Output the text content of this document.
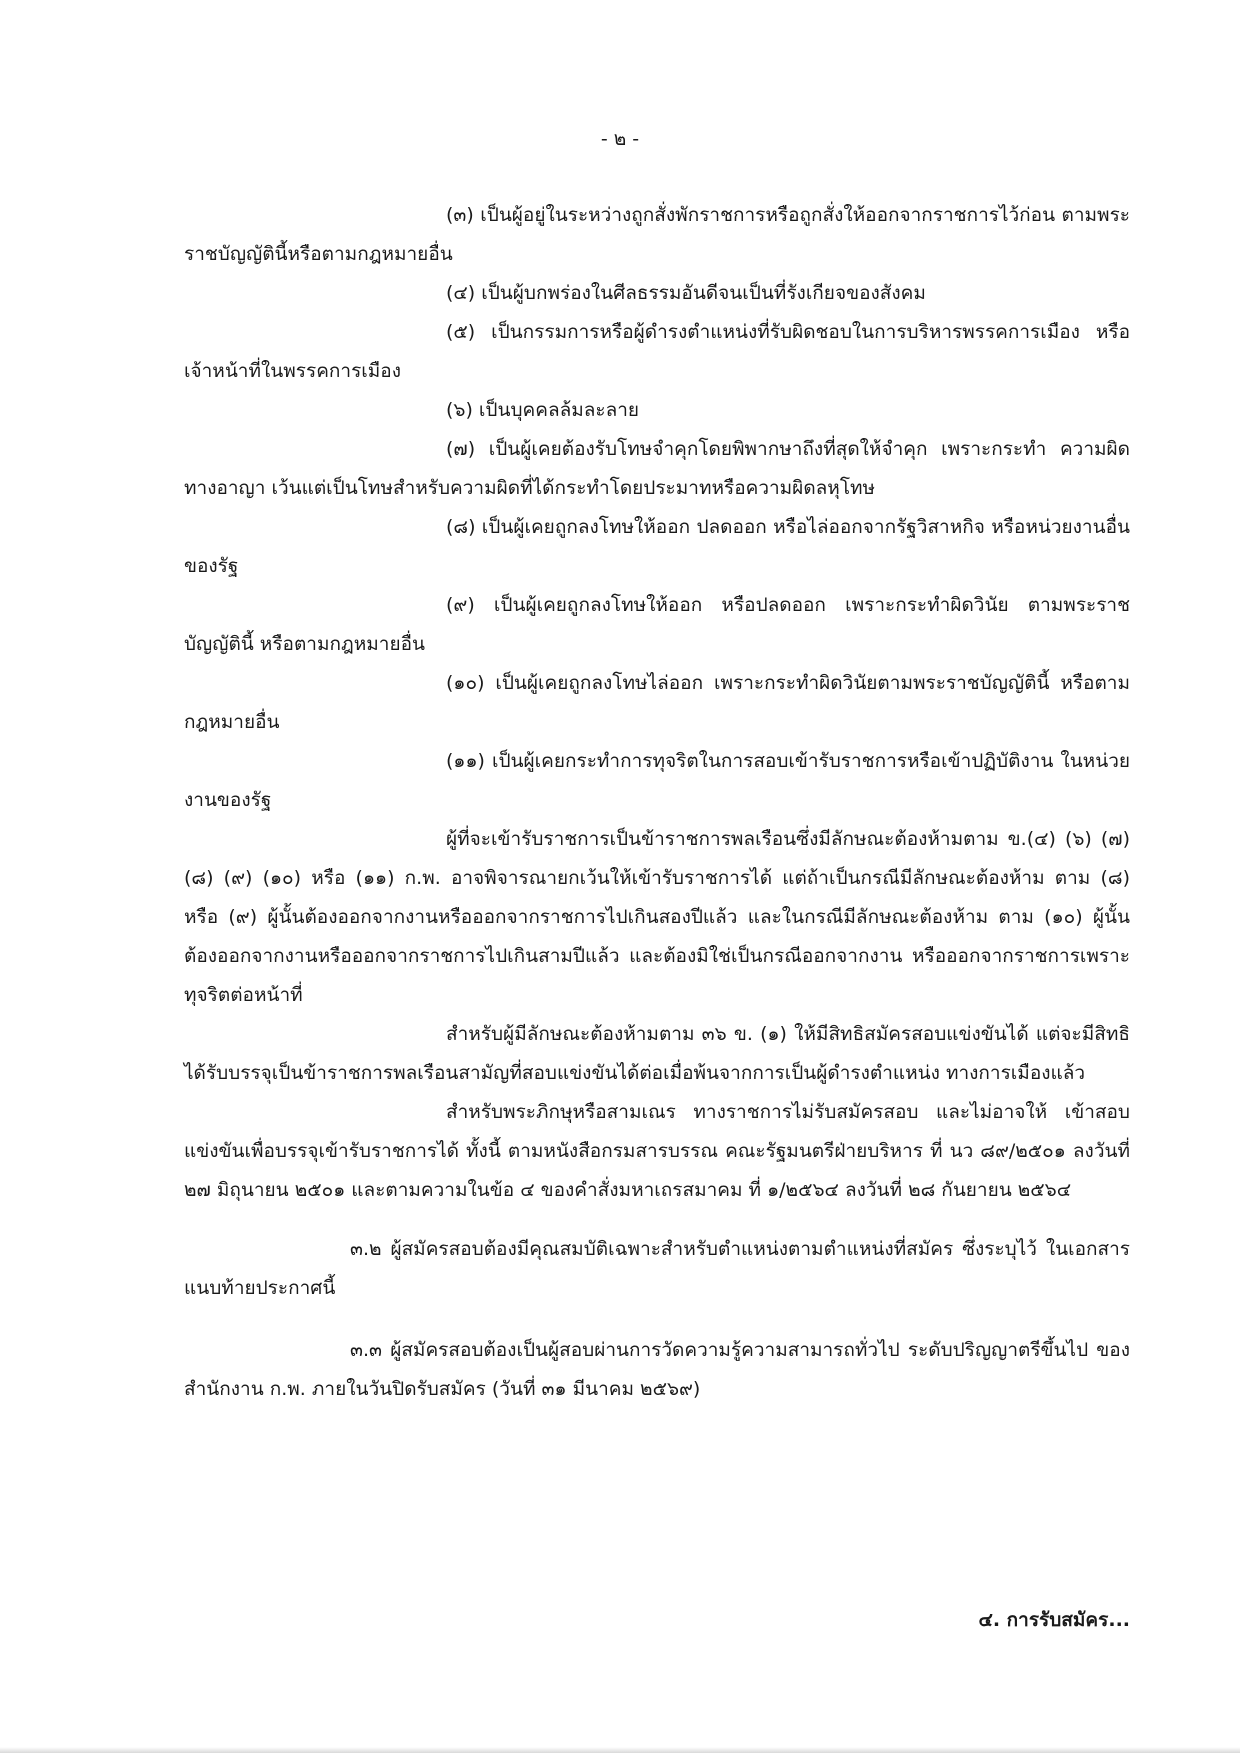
- ๒ -

(๓) เป็นผู้อยู่ในระหว่างถูกสั่งพักราชการหรือถูกสั่งให้ออกจากราชการไว้ก่อน ตามพระราชบัญญัตินี้หรือตามกฎหมายอื่น

(๔) เป็นผู้บกพร่องในศีลธรรมอันดีจนเป็นที่รังเกียจของสังคม

(๕) เป็นกรรมการหรือผู้ดำรงตำแหน่งที่รับผิดชอบในการบริหารพรรคการเมือง หรือเจ้าหน้าที่ในพรรคการเมือง

(๖) เป็นบุคคลล้มละลาย

(๗) เป็นผู้เคยต้องรับโทษจำคุกโดยพิพากษาถึงที่สุดให้จำคุก เพราะกระทำ ความผิดทางอาญา เว้นแต่เป็นโทษสำหรับความผิดที่ได้กระทำโดยประมาทหรือความผิดลหุโทษ

(๘) เป็นผู้เคยถูกลงโทษให้ออก ปลดออก หรือไล่ออกจากรัฐวิสาหกิจ หรือหน่วยงานอื่นของรัฐ

(๙) เป็นผู้เคยถูกลงโทษให้ออก หรือปลดออก เพราะกระทำผิดวินัย ตามพระราชบัญญัตินี้ หรือตามกฎหมายอื่น

(๑๐) เป็นผู้เคยถูกลงโทษไล่ออก เพราะกระทำผิดวินัยตามพระราชบัญญัตินี้ หรือตามกฎหมายอื่น

(๑๑) เป็นผู้เคยกระทำการทุจริตในการสอบเข้ารับราชการหรือเข้าปฏิบัติงาน ในหน่วยงานของรัฐ

ผู้ที่จะเข้ารับราชการเป็นข้าราชการพลเรือนซึ่งมีลักษณะต้องห้ามตาม ข.(๔) (๖) (๗) (๘) (๙) (๑๐) หรือ (๑๑) ก.พ. อาจพิจารณายกเว้นให้เข้ารับราชการได้ แต่ถ้าเป็นกรณีมีลักษณะต้องห้าม ตาม (๘) หรือ (๙) ผู้นั้นต้องออกจากงานหรือออกจากราชการไปเกินสองปีแล้ว และในกรณีมีลักษณะต้องห้าม ตาม (๑๐) ผู้นั้นต้องออกจากงานหรือออกจากราชการไปเกินสามปีแล้ว และต้องมิใช่เป็นกรณีออกจากงาน หรือออกจากราชการเพราะทุจริตต่อหน้าที่

สำหรับผู้มีลักษณะต้องห้ามตาม ๓๖ ข. (๑) ให้มีสิทธิสมัครสอบแข่งขันได้ แต่จะมีสิทธิได้รับบรรจุเป็นข้าราชการพลเรือนสามัญที่สอบแข่งขันได้ต่อเมื่อพ้นจากการเป็นผู้ดำรงตำแหน่ง ทางการเมืองแล้ว

สำหรับพระภิกษุหรือสามเณร ทางราชการไม่รับสมัครสอบ และไม่อาจให้ เข้าสอบแข่งขันเพื่อบรรจุเข้ารับราชการได้ ทั้งนี้ ตามหนังสือกรมสารบรรณ คณะรัฐมนตรีฝ่ายบริหาร ที่ นว ๘๙/๒๕๐๑ ลงวันที่ ๒๗ มิถุนายน ๒๕๐๑ และตามความในข้อ ๔ ของคำสั่งมหาเถรสมาคม ที่ ๑/๒๕๖๔ ลงวันที่ ๒๘ กันยายน ๒๕๖๔

๓.๒ ผู้สมัครสอบต้องมีคุณสมบัติเฉพาะสำหรับตำแหน่งตามตำแหน่งที่สมัคร ซึ่งระบุไว้ ในเอกสารแนบท้ายประกาศนี้

๓.๓ ผู้สมัครสอบต้องเป็นผู้สอบผ่านการวัดความรู้ความสามารถทั่วไป ระดับปริญญาตรีขึ้นไป ของสำนักงาน ก.พ. ภายในวันปิดรับสมัคร (วันที่ ๓๑ มีนาคม ๒๕๖๙)

๔. การรับสมัคร...
